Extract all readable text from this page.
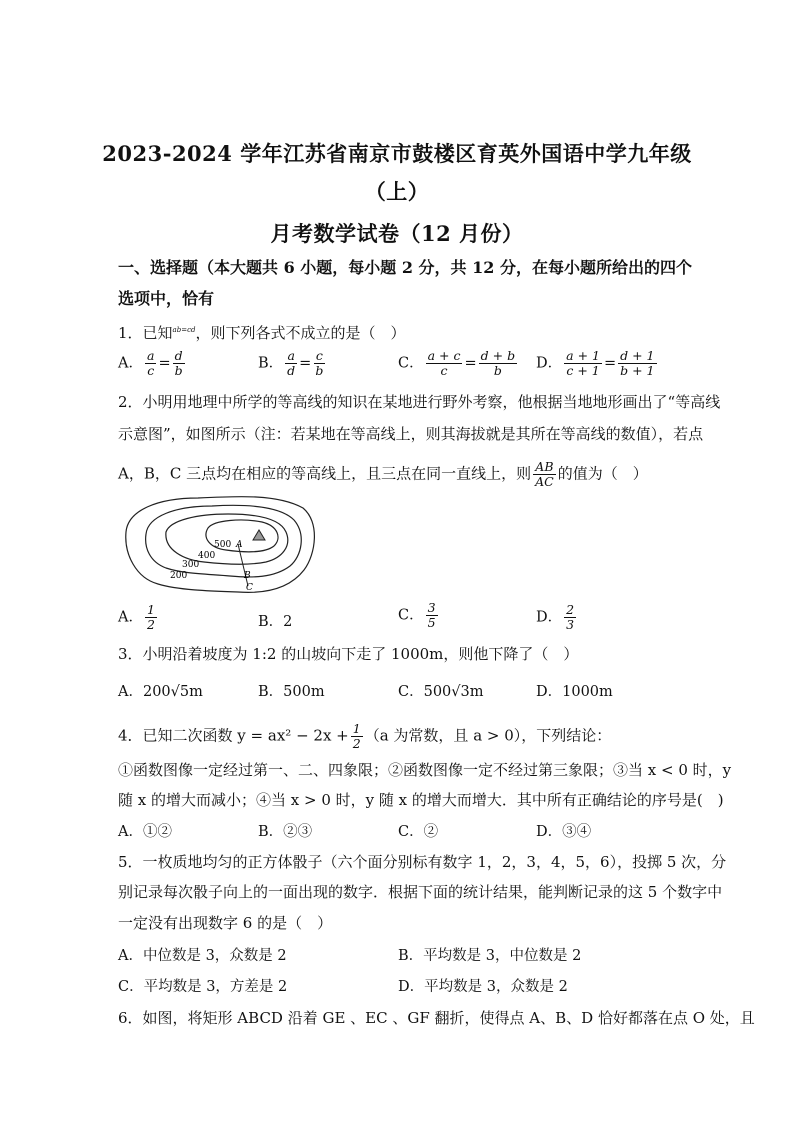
2023-2024 学年江苏省南京市鼓楼区育英外国语中学九年级
（上）
月考数学试卷（12 月份）
一、选择题（本大题共 6 小题，每小题 2 分，共 12 分，在每小题所给出的四个
选项中，恰有
1．已知$^{ab=cd}$，则下列各式不成立的是（　）
A． $\frac{a}{c} = \frac{d}{b}$	B． $\frac{a}{d} = \frac{c}{b}$	C． $\frac{a + c}{c} = \frac{d + b}{b}$ D． $\frac{a + 1}{c + 1} = \frac{d + 1}{b + 1}$
2．小明用地理中所学的等高线的知识在某地进行野外考察，他根据当地地形画出了“等高线
示意图”，如图所示（注：若某地在等高线上，则其海拔就是其所在等高线的数值），若点
A，B，C 三点均在相应的等高线上，且三点在同一直线上，则 $\frac{AB}{AC}$ 的值为（　）
500 A
400
300
200	B
C
A． $\frac{1}{2}$	B．2	C． $\frac{3}{5}$	D． $\frac{2}{3}$
3．小明沿着坡度为 1:2 的山坡向下走了 1000m，则他下降了（　）
A．200√5m	B．500m	C．500√3m	D．1000m
4．已知二次函数 $y = ax^2 - 2x + \frac{1}{2} (a$ 为常数，且 a > 0），下列结论：
①函数图像一定经过第一、二、四象限；②函数图像一定不经过第三象限；③当 x < 0 时，y
随 x 的增大而减小；④当 x > 0 时，y 随 x 的增大而增大．其中所有正确结论的序号是(　)
A．①②	B．②③	C．②	D．③④
5．一枚质地均匀的正方体骰子（六个面分别标有数字 1，2，3，4，5，6），投掷 5 次，分
别记录每次骰子向上的一面出现的数字．根据下面的统计结果，能判断记录的这 5 个数字中
一定没有出现数字 6 的是（　）
A．中位数是 3，众数是 2	B．平均数是 3，中位数是 2
C．平均数是 3，方差是 2	D．平均数是 3，众数是 2
6．如图，将矩形 ABCD 沿着 GE 、EC 、GF 翻折，使得点 A、B、D 恰好都落在点 O 处，且
